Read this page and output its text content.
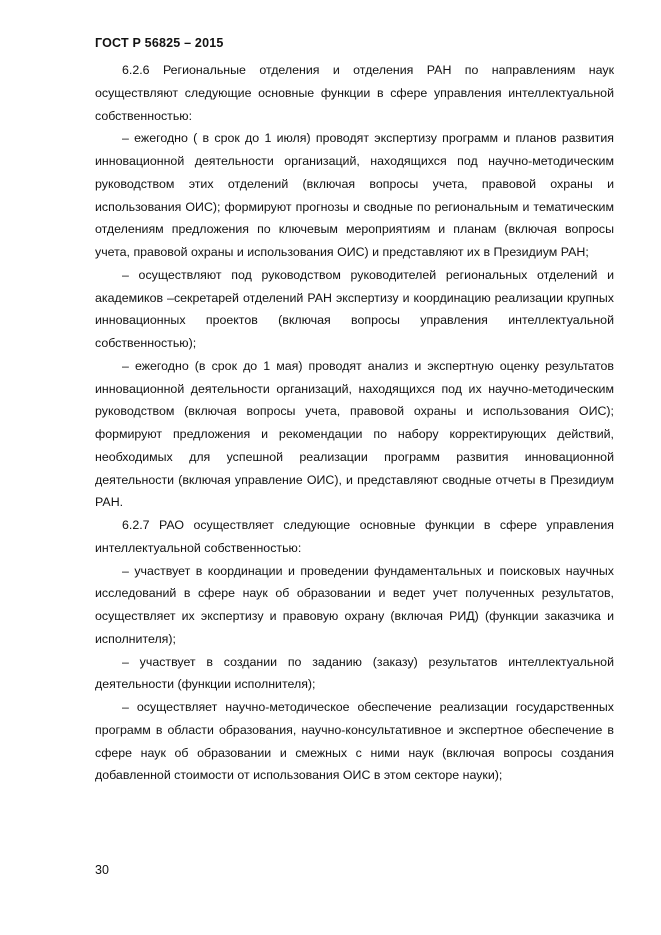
ГОСТ Р 56825 – 2015

6.2.6 Региональные отделения и отделения РАН по направлениям наук осуществляют следующие основные функции в сфере управления интеллектуальной собственностью:

– ежегодно ( в срок до 1 июля) проводят экспертизу программ и планов развития инновационной деятельности организаций, находящихся под научно-методическим руководством этих отделений (включая вопросы учета, правовой охраны и использования ОИС); формируют прогнозы и сводные по региональным и тематическим отделениям предложения по ключевым мероприятиям и планам (включая вопросы учета, правовой охраны и использования ОИС) и представляют их в Президиум РАН;

– осуществляют под руководством руководителей региональных отделений и академиков –секретарей отделений РАН экспертизу и координацию реализации крупных инновационных проектов (включая вопросы управления интеллектуальной собственностью);

– ежегодно (в срок до 1 мая) проводят анализ и экспертную оценку результатов инновационной деятельности организаций, находящихся под их научно-методическим руководством (включая вопросы учета, правовой охраны и использования ОИС); формируют предложения и рекомендации по набору корректирующих действий, необходимых для успешной реализации программ развития инновационной деятельности (включая управление ОИС), и представляют сводные отчеты в Президиум РАН.

6.2.7 РАО осуществляет следующие основные функции в сфере управления интеллектуальной собственностью:

– участвует в координации и проведении фундаментальных и поисковых научных исследований в сфере наук об образовании и ведет учет полученных результатов, осуществляет их экспертизу и правовую охрану (включая РИД) (функции заказчика и исполнителя);

– участвует в создании по заданию (заказу) результатов интеллектуальной деятельности (функции исполнителя);

– осуществляет научно-методическое обеспечение реализации государственных программ в области образования, научно-консультативное и экспертное обеспечение в сфере наук об образовании и смежных с ними наук (включая вопросы создания добавленной стоимости от использования ОИС в этом секторе науки);

30
